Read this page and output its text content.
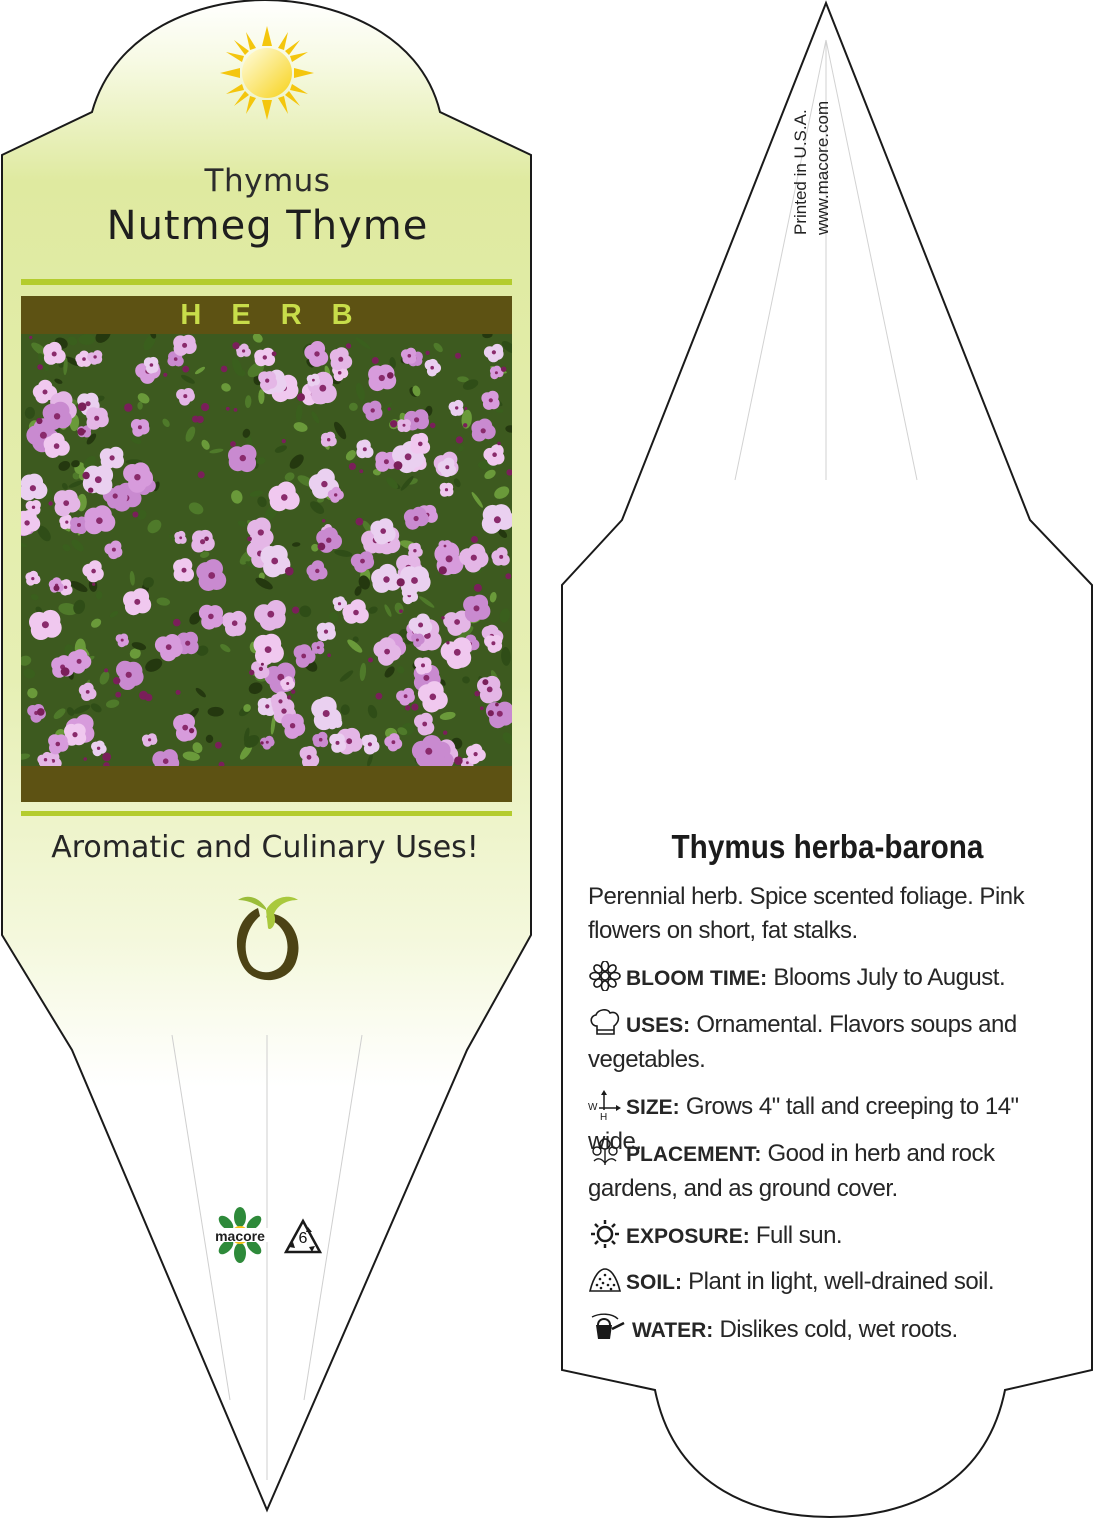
Thymus
Nutmeg Thyme
HERB
Aromatic and Culinary Uses!
macore	6
Printed in U.S.A. www.macore.com
Thymus herba-barona
Perennial herb. Spice scented foliage. Pink flowers on short, fat stalks.
BLOOM TIME: Blooms July to August.
USES: Ornamental. Flavors soups and vegetables.
W
H SIZE: Grows 4" tall and creeping to 14" wide.
PLACEMENT: Good in herb and rock gardens, and as ground cover.
EXPOSURE: Full sun.
SOIL: Plant in light, well-drained soil.
WATER: Dislikes cold, wet roots.
